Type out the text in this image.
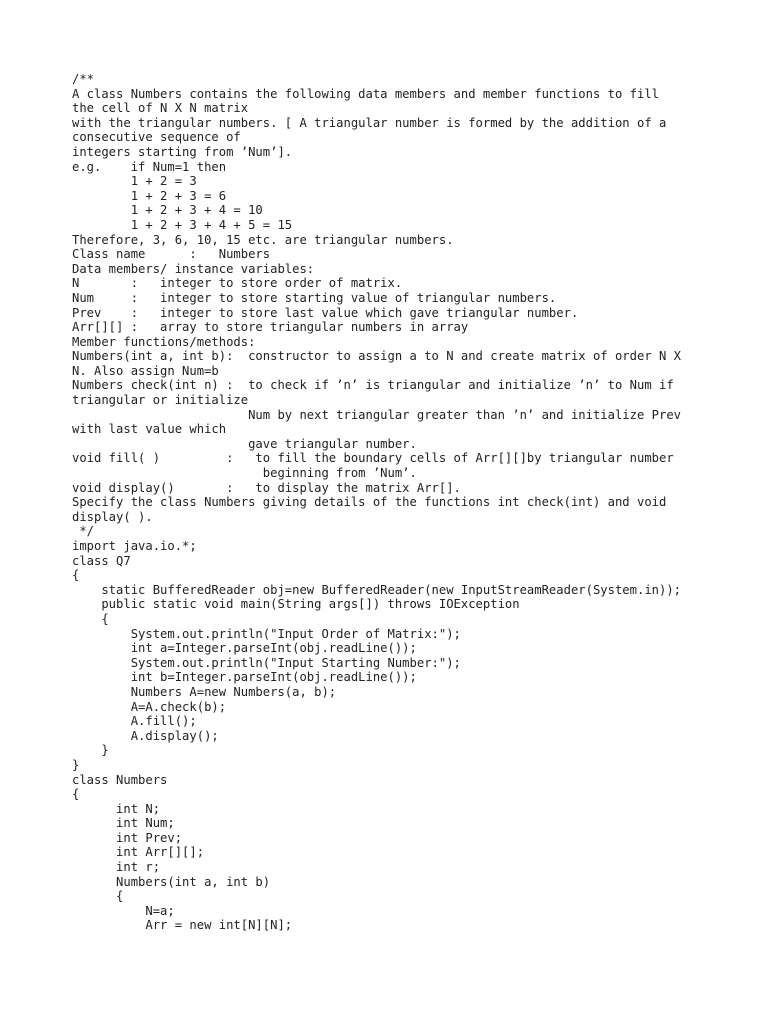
/**
A class Numbers contains the following data members and member functions to fill
the cell of N X N matrix
with the triangular numbers. [ A triangular number is formed by the addition of a
consecutive sequence of
integers starting from ’Num’].
e.g.    if Num=1 then
1 + 2 = 3
1 + 2 + 3 = 6
1 + 2 + 3 + 4 = 10
1 + 2 + 3 + 4 + 5 = 15
Therefore, 3, 6, 10, 15 etc. are triangular numbers.
Class name      :   Numbers
Data members/ instance variables:
N       :   integer to store order of matrix.
Num     :   integer to store starting value of triangular numbers.
Prev    :   integer to store last value which gave triangular number.
Arr[][] :   array to store triangular numbers in array
Member functions/methods:
Numbers(int a, int b):  constructor to assign a to N and create matrix of order N X
N. Also assign Num=b
Numbers check(int n) :  to check if ’n’ is triangular and initialize ’n’ to Num if
triangular or initialize
Num by next triangular greater than ’n’ and initialize Prev
with last value which
gave triangular number.
void fill( )         :   to fill the boundary cells of Arr[][]by triangular number
beginning from ’Num’.
void display()       :   to display the matrix Arr[].
Specify the class Numbers giving details of the functions int check(int) and void
display( ).
*/
import java.io.*;
class Q7
{
static BufferedReader obj=new BufferedReader(new InputStreamReader(System.in));
public static void main(String args[]) throws IOException
{
System.out.println("Input Order of Matrix:");
int a=Integer.parseInt(obj.readLine());
System.out.println("Input Starting Number:");
int b=Integer.parseInt(obj.readLine());
Numbers A=new Numbers(a, b);
A=A.check(b);
A.fill();
A.display();
}
}
class Numbers
{
int N;
int Num;
int Prev;
int Arr[][];
int r;
Numbers(int a, int b)
{
N=a;
Arr = new int[N][N];
